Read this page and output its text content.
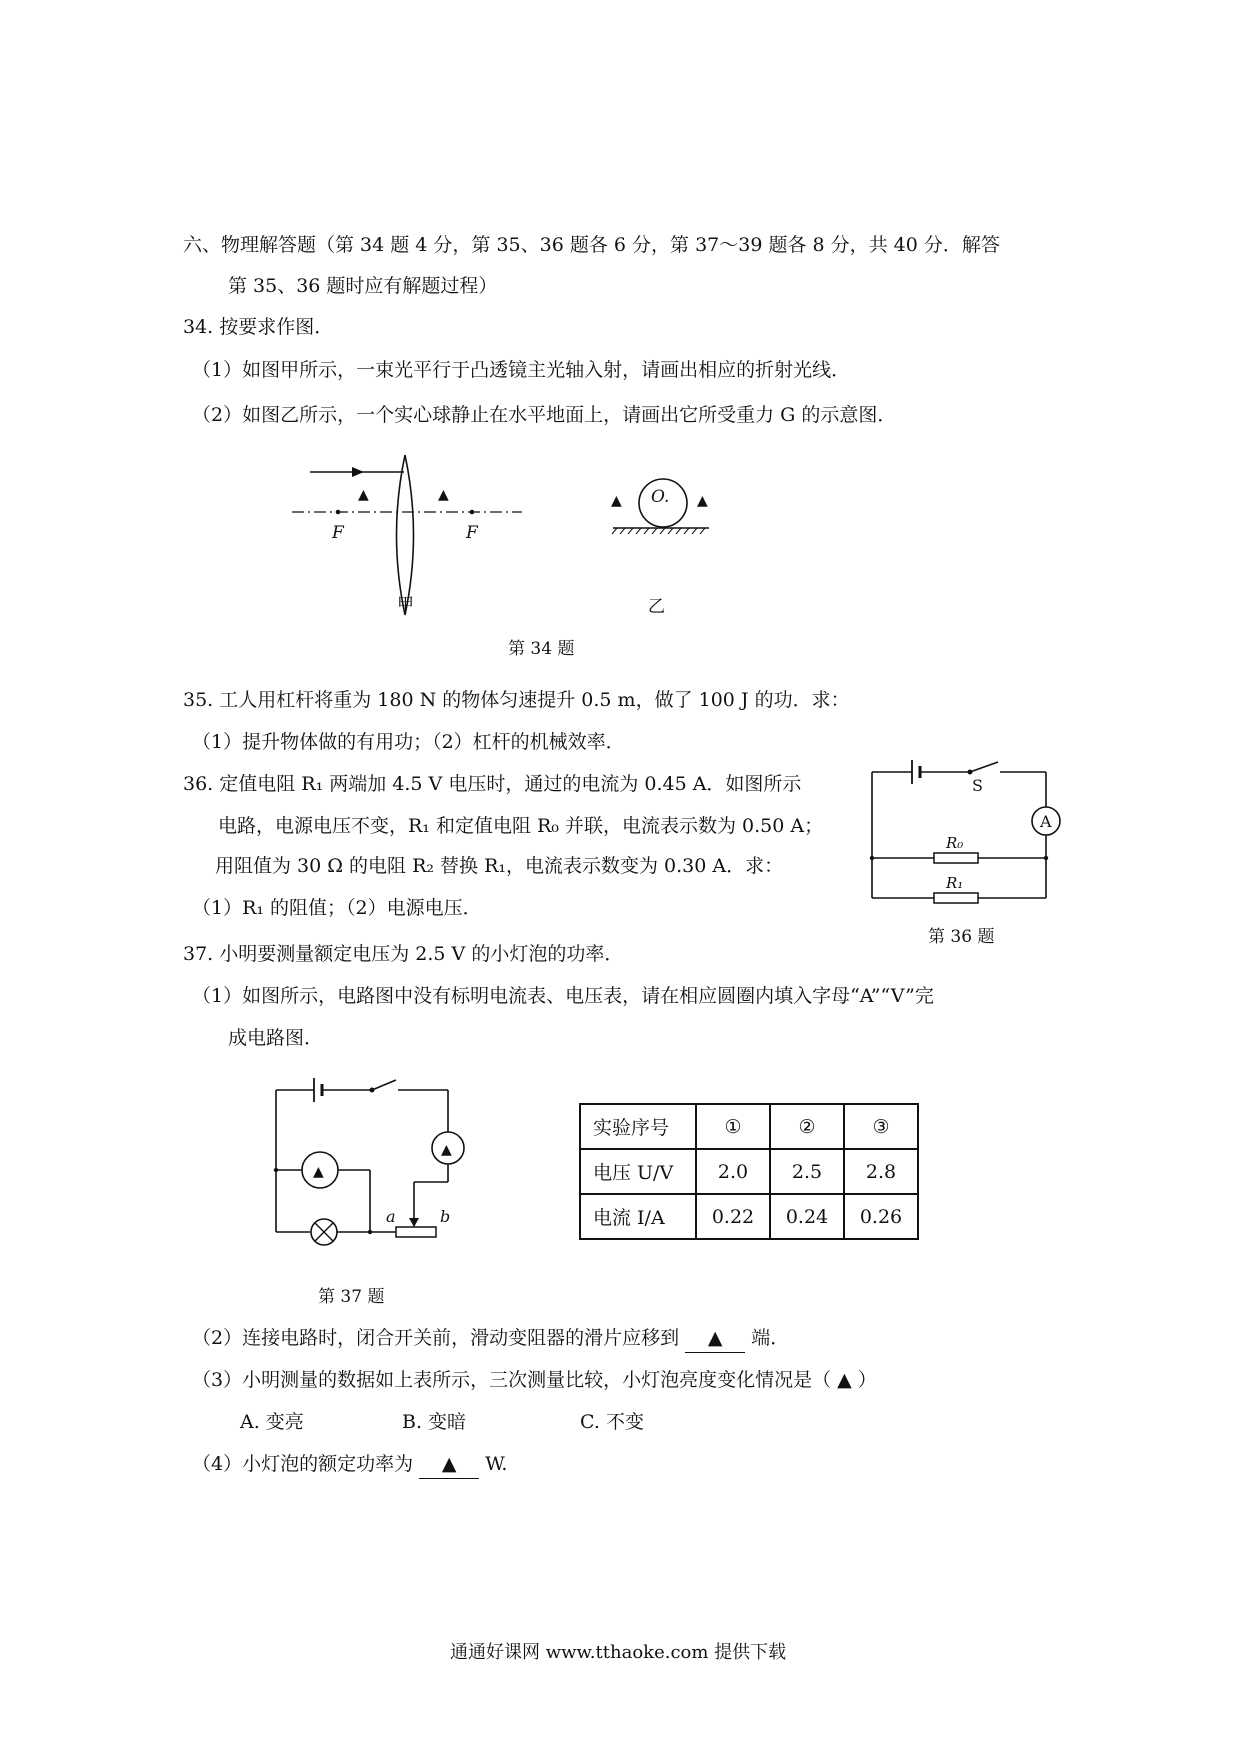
六、物理解答题（第 34 题 4 分，第 35、36 题各 6 分，第 37～39 题各 8 分，共 40 分．解答
第 35、36 题时应有解题过程）
34. 按要求作图．
（1）如图甲所示，一束光平行于凸透镜主光轴入射，请画出相应的折射光线．
（2）如图乙所示，一个实心球静止在水平地面上，请画出它所受重力 G 的示意图．
F	F
▲	▲
甲
O.
▲	▲
乙
第 34 题
35. 工人用杠杆将重为 180 N 的物体匀速提升 0.5 m，做了 100 J 的功．求：
（1）提升物体做的有用功；（2）杠杆的机械效率．
36. 定值电阻 R₁ 两端加 4.5 V 电压时，通过的电流为 0.45 A．如图所示
电路，电源电压不变，R₁ 和定值电阻 R₀ 并联，电流表示数为 0.50 A；
用阻值为 30 Ω 的电阻 R₂ 替换 R₁，电流表示数变为 0.30 A．求：
（1）R₁ 的阻值；（2）电源电压．
S
A
R₀
R₁
第 36 题
37. 小明要测量额定电压为 2.5 V 的小灯泡的功率．
（1）如图所示，电路图中没有标明电流表、电压表，请在相应圆圈内填入字母“A”“V”完
成电路图．
▲
▲
a	b
第 37 题
实验序号	①	②	③
电压 U/V	2.0	2.5	2.8
电流 I/A	0.22	0.24	0.26
（2）连接电路时，闭合开关前，滑动变阻器的滑片应移到 ▲ 端．
（3）小明测量的数据如上表所示，三次测量比较，小灯泡亮度变化情况是（ ▲ ）
A. 变亮	B. 变暗	C. 不变
（4）小灯泡的额定功率为 ▲ W.
通通好课网 www.tthaoke.com 提供下载
